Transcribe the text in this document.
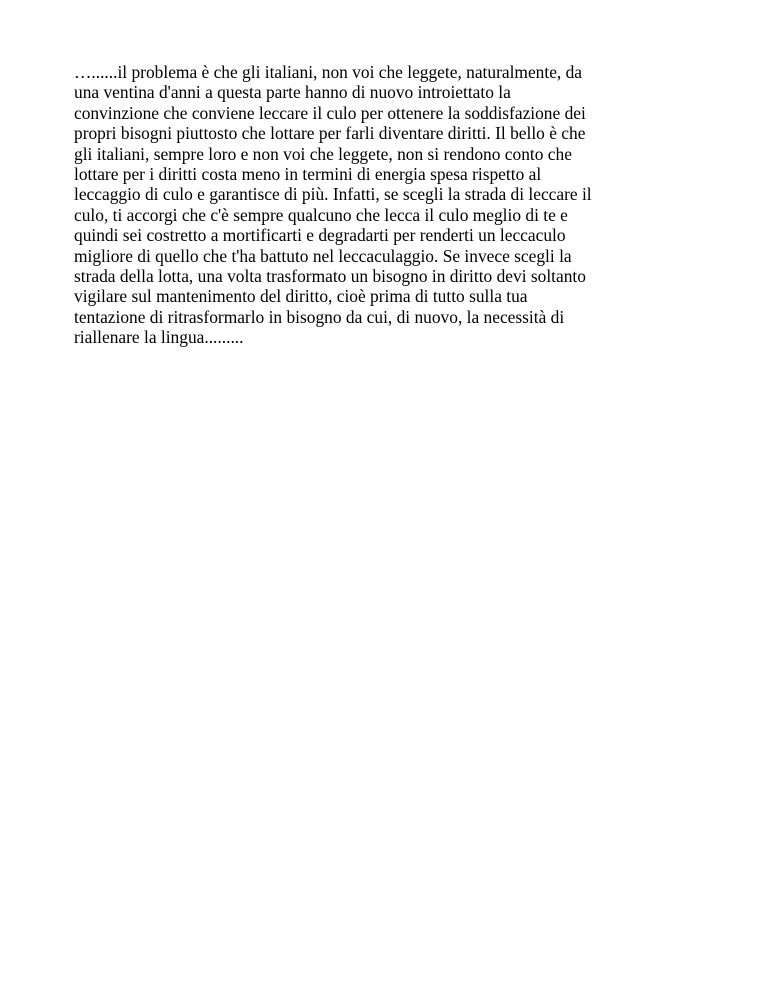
…......il problema è che gli italiani, non voi che leggete, naturalmente, da
una ventina d'anni a questa parte hanno di nuovo introiettato la
convinzione che conviene leccare il culo per ottenere la soddisfazione dei
propri bisogni piuttosto che lottare per farli diventare diritti. Il bello è che
gli italiani, sempre loro e non voi che leggete, non si rendono conto che
lottare per i diritti costa meno in termini di energia spesa rispetto al
leccaggio di culo e garantisce di più. Infatti, se scegli la strada di leccare il
culo, ti accorgi che c'è sempre qualcuno che lecca il culo meglio di te e
quindi sei costretto a mortificarti e degradarti per renderti un leccaculo
migliore di quello che t'ha battuto nel leccaculaggio. Se invece scegli la
strada della lotta, una volta trasformato un bisogno in diritto devi soltanto
vigilare sul mantenimento del diritto, cioè prima di tutto sulla tua
tentazione di ritrasformarlo in bisogno da cui, di nuovo, la necessità di
riallenare la lingua.........
